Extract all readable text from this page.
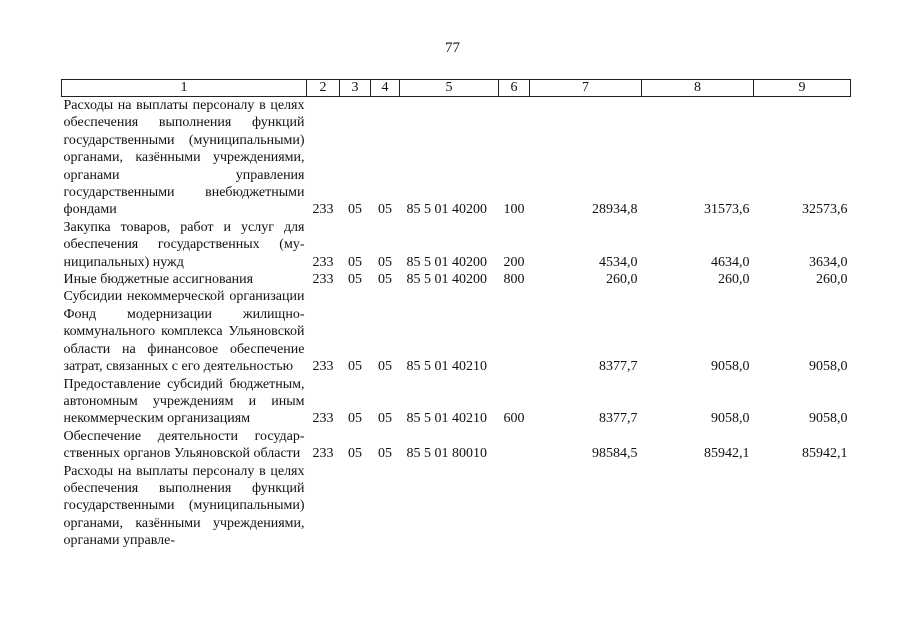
77
1	2	3	4	5	6	7	8	9
Расходы на выплаты персоналу в целях обеспечения выполнения функций государственными (муниципальными) органами, казёнными учреждениями, органами управления государственными внебюджетными фондами	233	05	05	85 5 01 40200	100	28934,8	31573,6	32573,6
Закупка товаров, работ и услуг для обеспечения государственных (муниципальных) нужд	233	05	05	85 5 01 40200	200	4534,0	4634,0	3634,0
Иные бюджетные ассигнования	233	05	05	85 5 01 40200	800	260,0	260,0	260,0
Субсидии некоммерческой организации Фонд модернизации жилищно-коммунального комплекса Ульяновской области на финансовое обеспечение затрат, связанных с его деятельностью	233	05	05	85 5 01 40210		8377,7	9058,0	9058,0
Предоставление субсидий бюджетным, автономным учреждениям и иным некоммерческим организациям	233	05	05	85 5 01 40210	600	8377,7	9058,0	9058,0
Обеспечение деятельности государственных органов Ульяновской области	233	05	05	85 5 01 80010		98584,5	85942,1	85942,1
Расходы на выплаты персоналу в целях обеспечения выполнения функций государственными (муниципальными) органами, казёнными учреждениями, органами управле-								
